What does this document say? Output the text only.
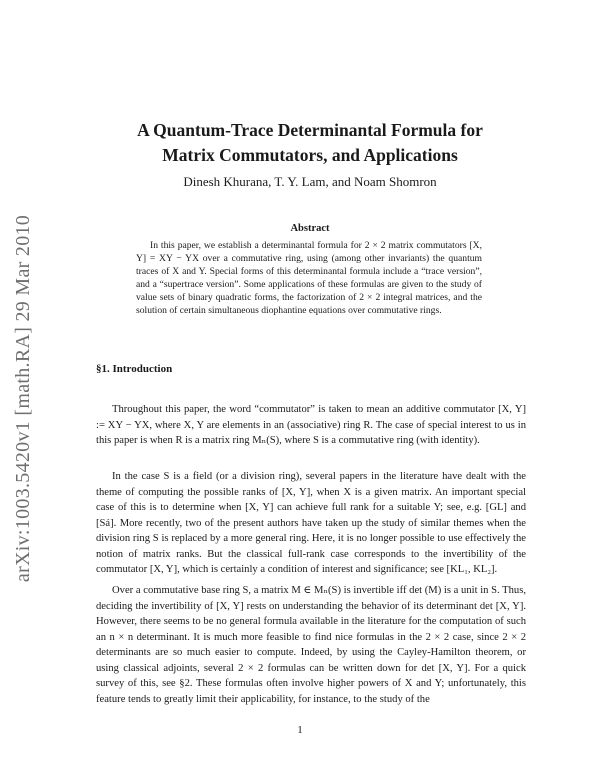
arXiv:1003.5420v1 [math.RA] 29 Mar 2010
A Quantum-Trace Determinantal Formula for
Matrix Commutators, and Applications
Dinesh Khurana, T. Y. Lam, and Noam Shomron
Abstract
In this paper, we establish a determinantal formula for 2 × 2 matrix commutators [X, Y] = XY − YX over a commutative ring, using (among other invariants) the quantum traces of X and Y. Special forms of this determinantal formula include a “trace version”, and a “supertrace version”. Some applications of these formulas are given to the study of value sets of binary quadratic forms, the factorization of 2 × 2 integral matrices, and the solution of certain simultaneous diophantine equations over commutative rings.
§1. Introduction

Throughout this paper, the word “commutator” is taken to mean an additive commutator [X, Y] := XY − YX, where X, Y are elements in an (associative) ring R. The case of special interest to us in this paper is when R is a matrix ring Mₙ(S), where S is a commutative ring (with identity).

In the case S is a field (or a division ring), several papers in the literature have dealt with the theme of computing the possible ranks of [X, Y], when X is a given matrix. An important special case of this is to determine when [X, Y] can achieve full rank for a suitable Y; see, e.g. [GL] and [Sá]. More recently, two of the present authors have taken up the study of similar themes when the division ring S is replaced by a more general ring. Here, it is no longer possible to use effectively the notion of matrix ranks. But the classical full-rank case corresponds to the invertibility of the commutator [X, Y], which is certainly a condition of interest and significance; see [KL₁, KL₂].

Over a commutative base ring S, a matrix M ∈ Mₙ(S) is invertible iff det (M) is a unit in S. Thus, deciding the invertibility of [X, Y] rests on understanding the behavior of its determinant det [X, Y]. However, there seems to be no general formula available in the literature for the computation of such an n × n determinant. It is much more feasible to find nice formulas in the 2 × 2 case, since 2 × 2 determinants are so much easier to compute. Indeed, by using the Cayley-Hamilton theorem, or using classical adjoints, several 2 × 2 formulas can be written down for det [X, Y]. For a quick survey of this, see §2. These formulas often involve higher powers of X and Y; unfortunately, this feature tends to greatly limit their applicability, for instance, to the study of the

1
